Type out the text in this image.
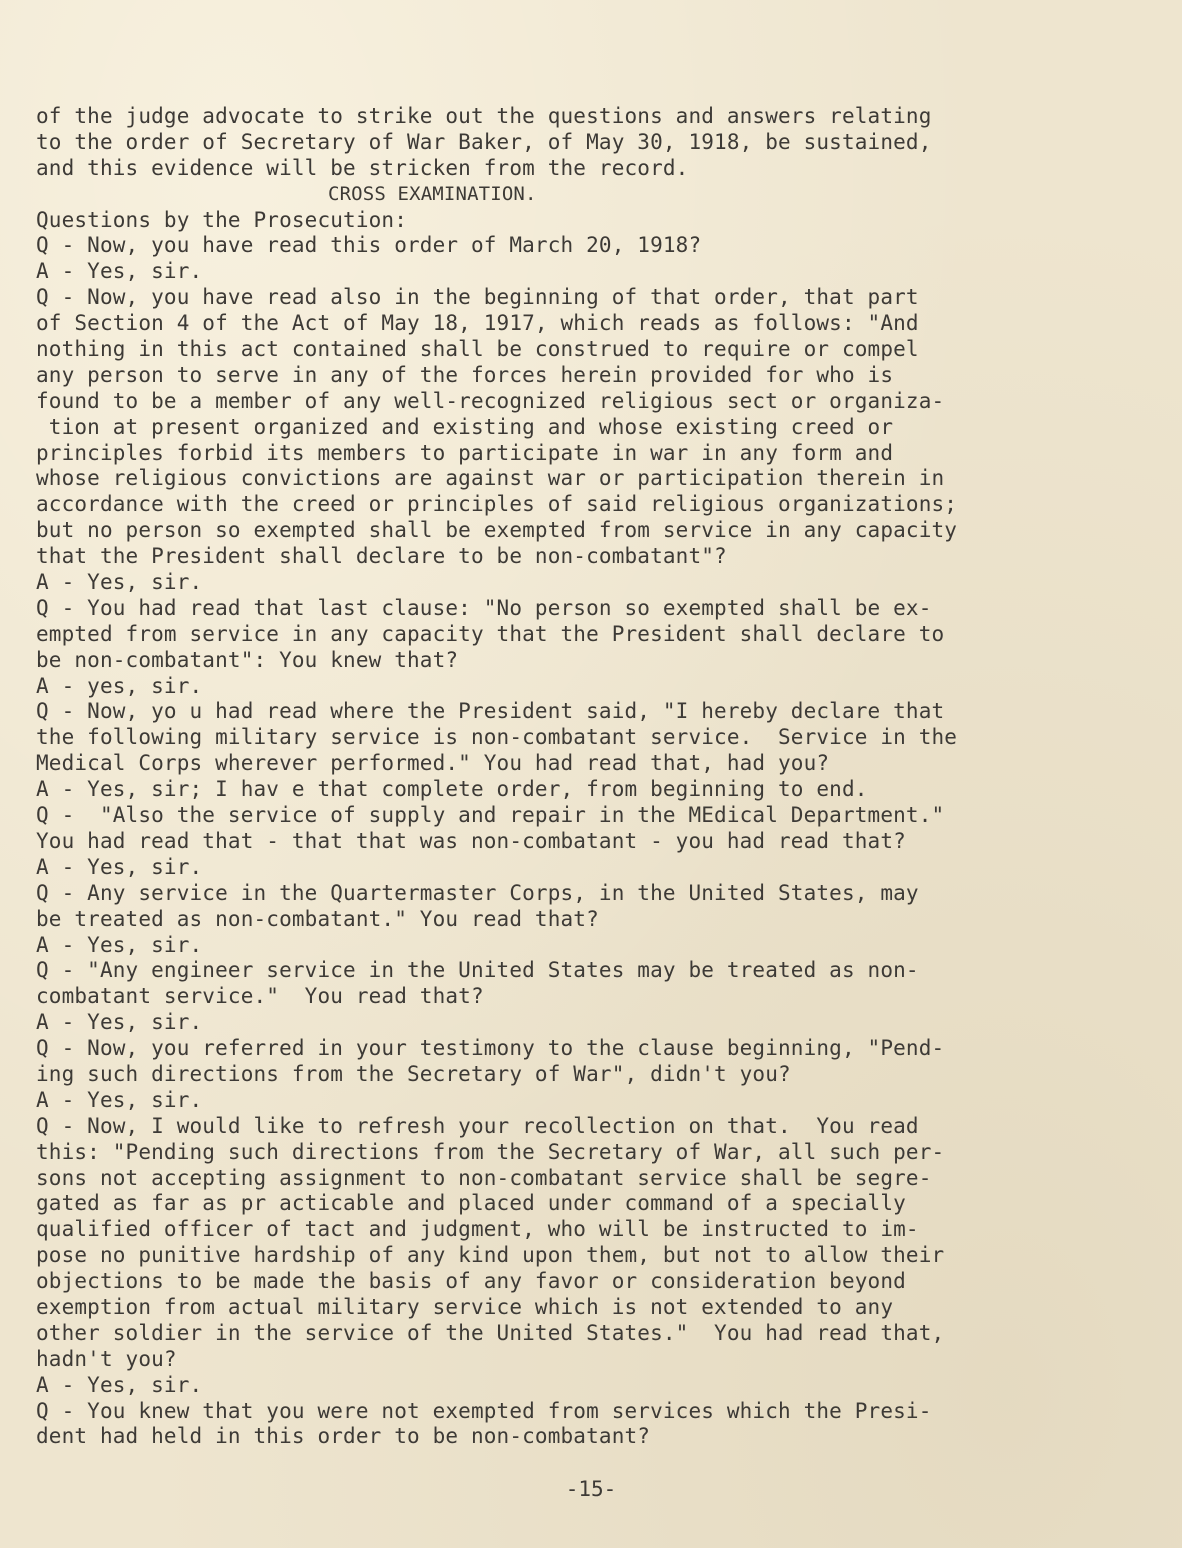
of the judge advocate to strike out the questions and answers relating
to the order of Secretary of War Baker, of May 30, 1918, be sustained,
and this evidence will be stricken from the record.
CROSS EXAMINATION.
Questions by the Prosecution:
Q - Now, you have read this order of March 20, 1918?
A - Yes, sir.
Q - Now, you have read also in the beginning of that order, that part
of Section 4 of the Act of May 18, 1917, which reads as follows: "And
nothing in this act contained shall be construed to require or compel
any person to serve in any of the forces herein provided for who is
found to be a member of any well-recognized religious sect or organiza-
tion at present organized and existing and whose existing creed or
principles forbid its members to participate in war in any form and
whose religious convictions are against war or participation therein in
accordance with the creed or principles of said religious organizations;
but no person so exempted shall be exempted from service in any capacity
that the President shall declare to be non-combatant"?
A - Yes, sir.
Q - You had read that last clause: "No person so exempted shall be ex-
empted from service in any capacity that the President shall declare to
be non-combatant": You knew that?
A - yes, sir.
Q - Now, yo u had read where the President said, "I hereby declare that
the following military service is non-combatant service.  Service in the
Medical Corps wherever performed." You had read that, had you?
A - Yes, sir; I hav e that complete order, from beginning to end.
Q -  "Also the service of supply and repair in the MEdical Department."
You had read that - that that was non-combatant - you had read that?
A - Yes, sir.
Q - Any service in the Quartermaster Corps, in the United States, may
be treated as non-combatant." You read that?
A - Yes, sir.
Q - "Any engineer service in the United States may be treated as non-
combatant service."  You read that?
A - Yes, sir.
Q - Now, you referred in your testimony to the clause beginning, "Pend-
ing such directions from the Secretary of War", didn't you?
A - Yes, sir.
Q - Now, I would like to refresh your recollection on that.  You read
this: "Pending such directions from the Secretary of War, all such per-
sons not accepting assignment to non-combatant service shall be segre-
gated as far as pr acticable and placed under command of a specially
qualified officer of tact and judgment, who will be instructed to im-
pose no punitive hardship of any kind upon them, but not to allow their
objections to be made the basis of any favor or consideration beyond
exemption from actual military service which is not extended to any
other soldier in the service of the United States."  You had read that,
hadn't you?
A - Yes, sir.
Q - You knew that you were not exempted from services which the Presi-
dent had held in this order to be non-combatant?
-15-
